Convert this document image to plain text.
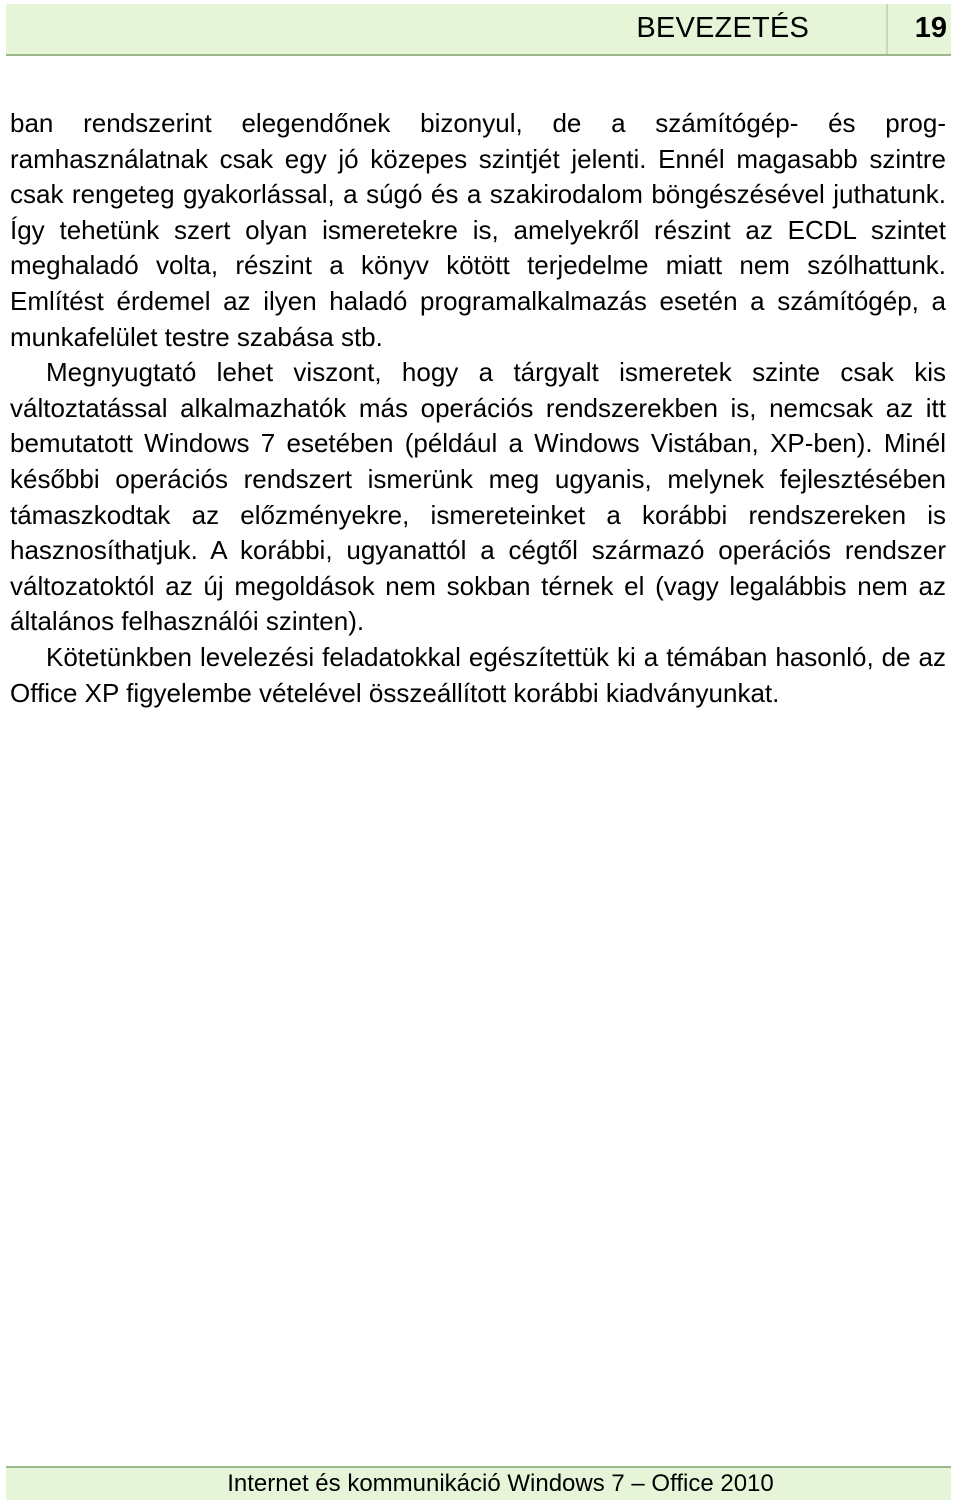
BEVEZETÉS	19

ban rendszerint elegendőnek bizonyul, de a számítógép- és programhasználatnak csak egy jó közepes szintjét jelenti. Ennél magasabb szintre csak rengeteg gyakorlással, a súgó és a szakirodalom böngészésével juthatunk. Így tehetünk szert olyan ismeretekre is, amelyekről részint az ECDL szintet meghaladó volta, részint a könyv kötött terjedelme miatt nem szólhattunk. Említést érdemel az ilyen haladó programalkalmazás esetén a számítógép, a munkafelület testre szabása stb.

Megnyugtató lehet viszont, hogy a tárgyalt ismeretek szinte csak kis változtatással alkalmazhatók más operációs rendszerekben is, nemcsak az itt bemutatott Windows 7 esetében (például a Windows Vistában, XP-ben). Minél későbbi operációs rendszert ismerünk meg ugyanis, melynek fejlesztésében támaszkodtak az előzményekre, ismereteinket a korábbi rendszereken is hasznosíthatjuk. A korábbi, ugyanattól a cégtől származó operációs rendszer változatoktól az új megoldások nem sokban térnek el (vagy legalábbis nem az általános felhasználói szinten).

Kötetünkben levelezési feladatokkal egészítettük ki a témában hasonló, de az Office XP figyelembe vételével összeállított korábbi kiadványunkat.

Internet és kommunikáció Windows 7 – Office 2010
